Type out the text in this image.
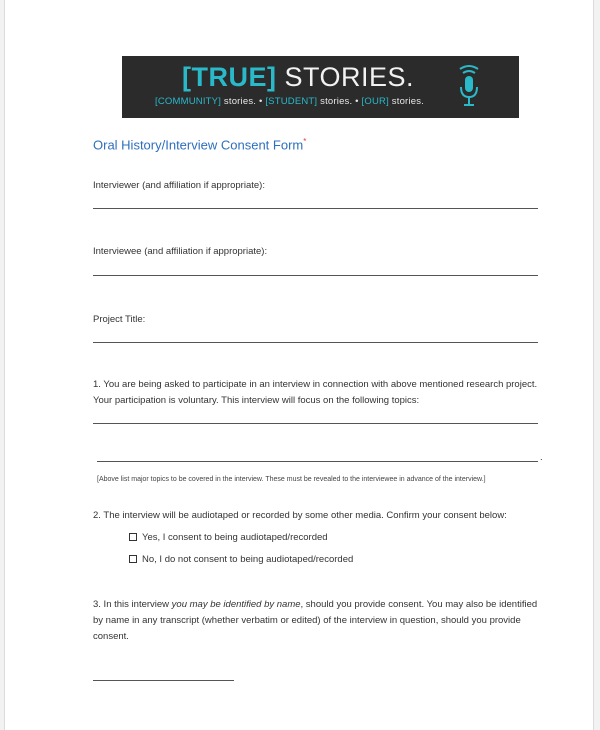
[TRUE] STORIES.
[COMMUNITY] stories. • [STUDENT] stories. • [OUR] stories.
Oral History/Interview Consent Form*
Interviewer (and affiliation if appropriate):
Interviewee (and affiliation if appropriate):
Project Title:
1. You are being asked to participate in an interview in connection with above mentioned research project. Your participation is voluntary. This interview will focus on the following topics:
.
[Above list major topics to be covered in the interview. These must be revealed to the interviewee in advance of the interview.]
2. The interview will be audiotaped or recorded by some other media. Confirm your consent below:
Yes, I consent to being audiotaped/recorded
No, I do not consent to being audiotaped/recorded
3. In this interview you may be identified by name, should you provide consent. You may also be identified by name in any transcript (whether verbatim or edited) of the interview in question, should you provide consent.
